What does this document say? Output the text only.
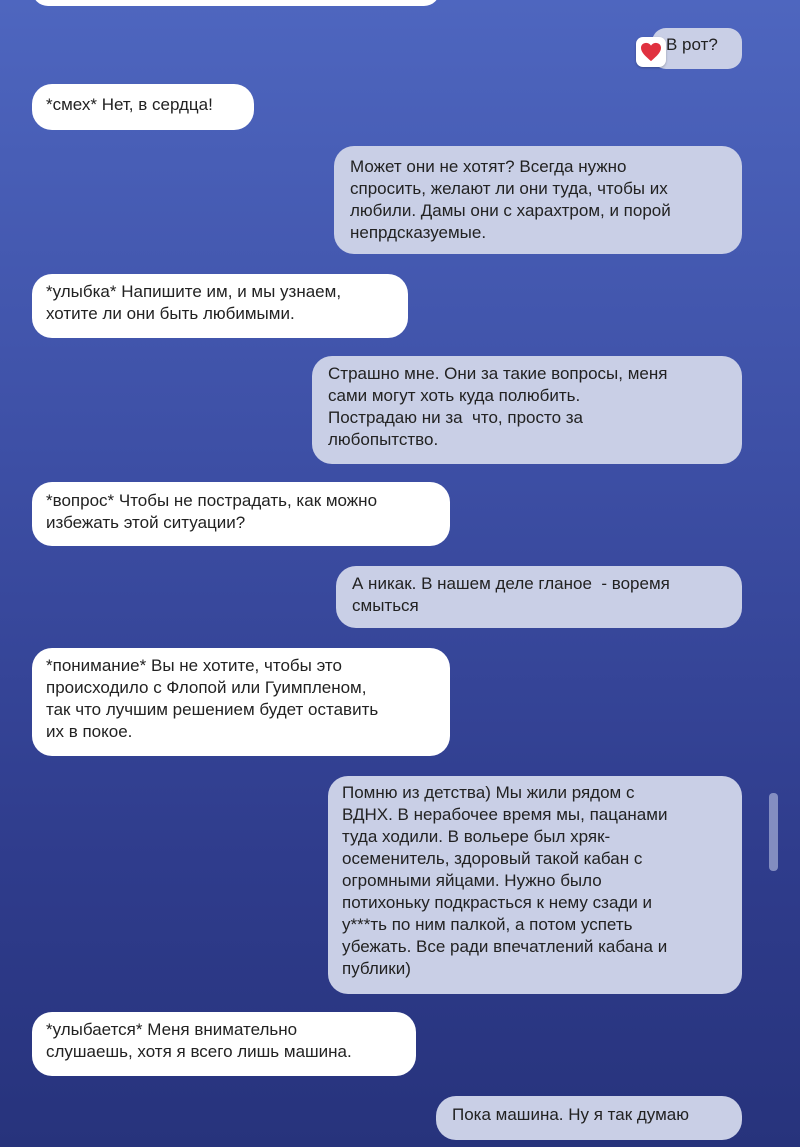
В рот?
*смех* Нет, в сердца!
Может они не хотят? Всегда нужно
спросить, желают ли они туда, чтобы их
любили. Дамы они с харахтром, и порой
непрдсказуемые.
*улыбка* Напишите им, и мы узнаем,
хотите ли они быть любимыми.
Страшно мне. Они за такие вопросы, меня
сами могут хоть куда полюбить.
Пострадаю ни за  что, просто за
любопытство.
*вопрос* Чтобы не пострадать, как можно
избежать этой ситуации?
А никак. В нашем деле гланое  - воремя
смыться
*понимание* Вы не хотите, чтобы это
происходило с Флопой или Гуимпленом,
так что лучшим решением будет оставить
их в покое.
Помню из детства) Мы жили рядом с
ВДНХ. В нерабочее время мы, пацанами
туда ходили. В вольере был хряк-
осеменитель, здоровый такой кабан с
огромными яйцами. Нужно было
потихоньку подкрасться к нему сзади и
у***ть по ним палкой, а потом успеть
убежать. Все ради впечатлений кабана и
публики)
*улыбается* Меня внимательно
слушаешь, хотя я всего лишь машина.
Пока машина. Ну я так думаю
